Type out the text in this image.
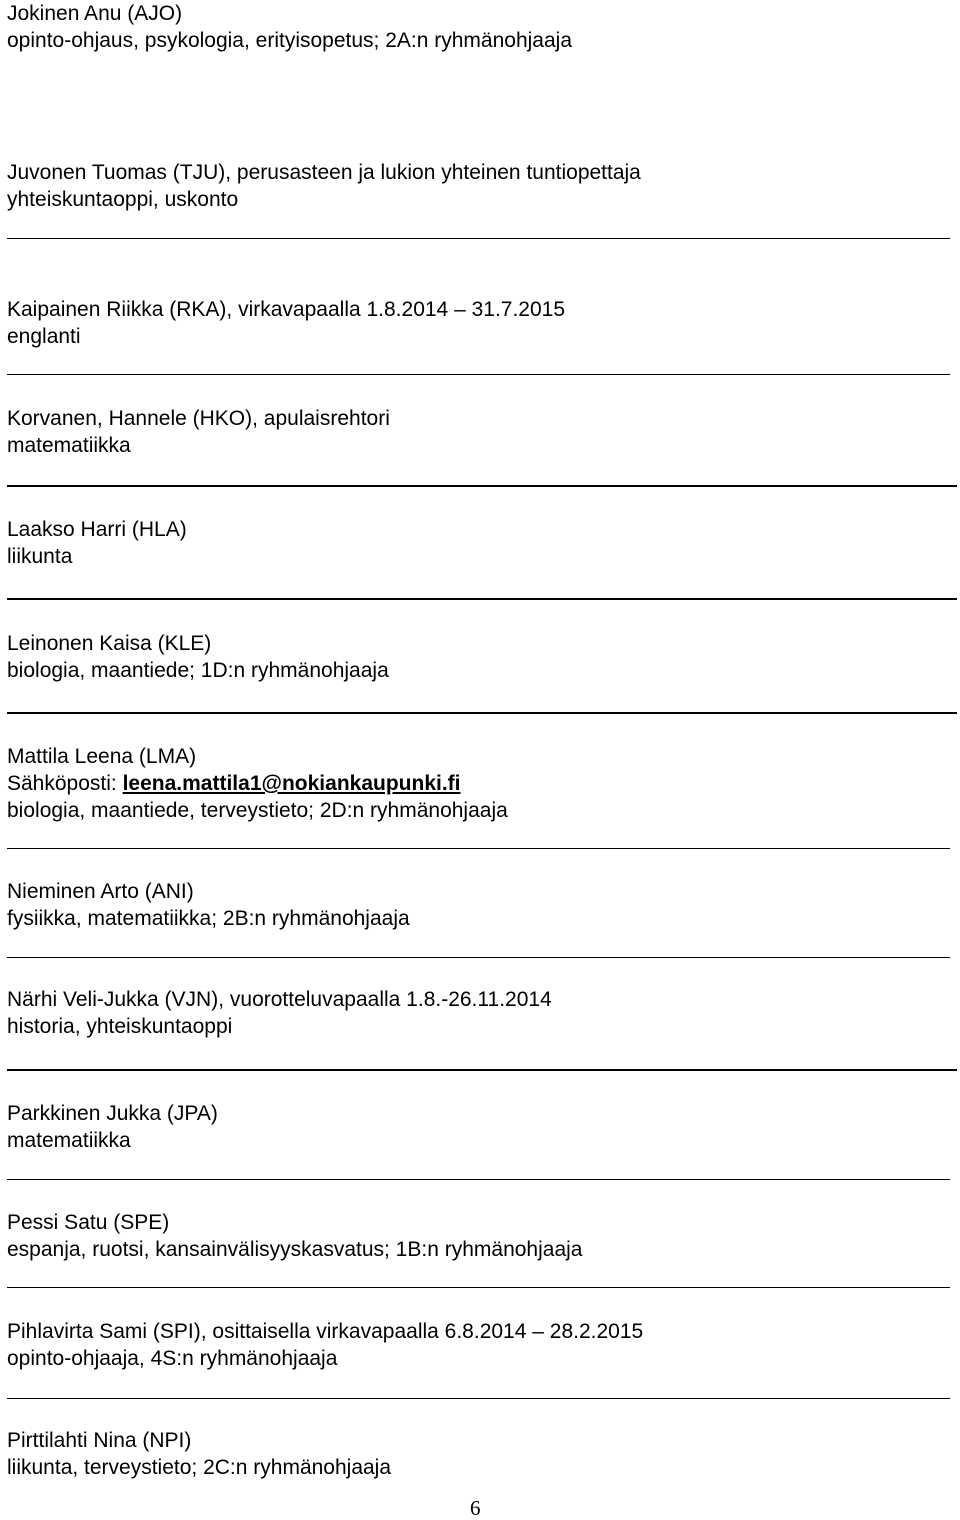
Jokinen Anu (AJO)
opinto-ohjaus, psykologia, erityisopetus; 2A:n ryhmänohjaaja
Juvonen Tuomas (TJU), perusasteen ja lukion yhteinen tuntiopettaja
yhteiskuntaoppi, uskonto
Kaipainen Riikka (RKA), virkavapaalla 1.8.2014 – 31.7.2015
englanti
Korvanen, Hannele (HKO), apulaisrehtori
matematiikka
Laakso Harri (HLA)
liikunta
Leinonen Kaisa (KLE)
biologia, maantiede; 1D:n ryhmänohjaaja
Mattila Leena (LMA)
Sähköposti: leena.mattila1@nokiankaupunki.fi
biologia, maantiede, terveystieto; 2D:n ryhmänohjaaja
Nieminen Arto (ANI)
fysiikka, matematiikka; 2B:n ryhmänohjaaja
Närhi Veli-Jukka (VJN), vuorotteluvapaalla 1.8.-26.11.2014
historia, yhteiskuntaoppi
Parkkinen Jukka (JPA)
matematiikka
Pessi Satu (SPE)
espanja, ruotsi, kansainvälisyyskasvatus; 1B:n ryhmänohjaaja
Pihlavirta Sami (SPI), osittaisella virkavapaalla 6.8.2014 – 28.2.2015
opinto-ohjaaja, 4S:n ryhmänohjaaja
Pirttilahti Nina (NPI)
liikunta, terveystieto; 2C:n ryhmänohjaaja
6
